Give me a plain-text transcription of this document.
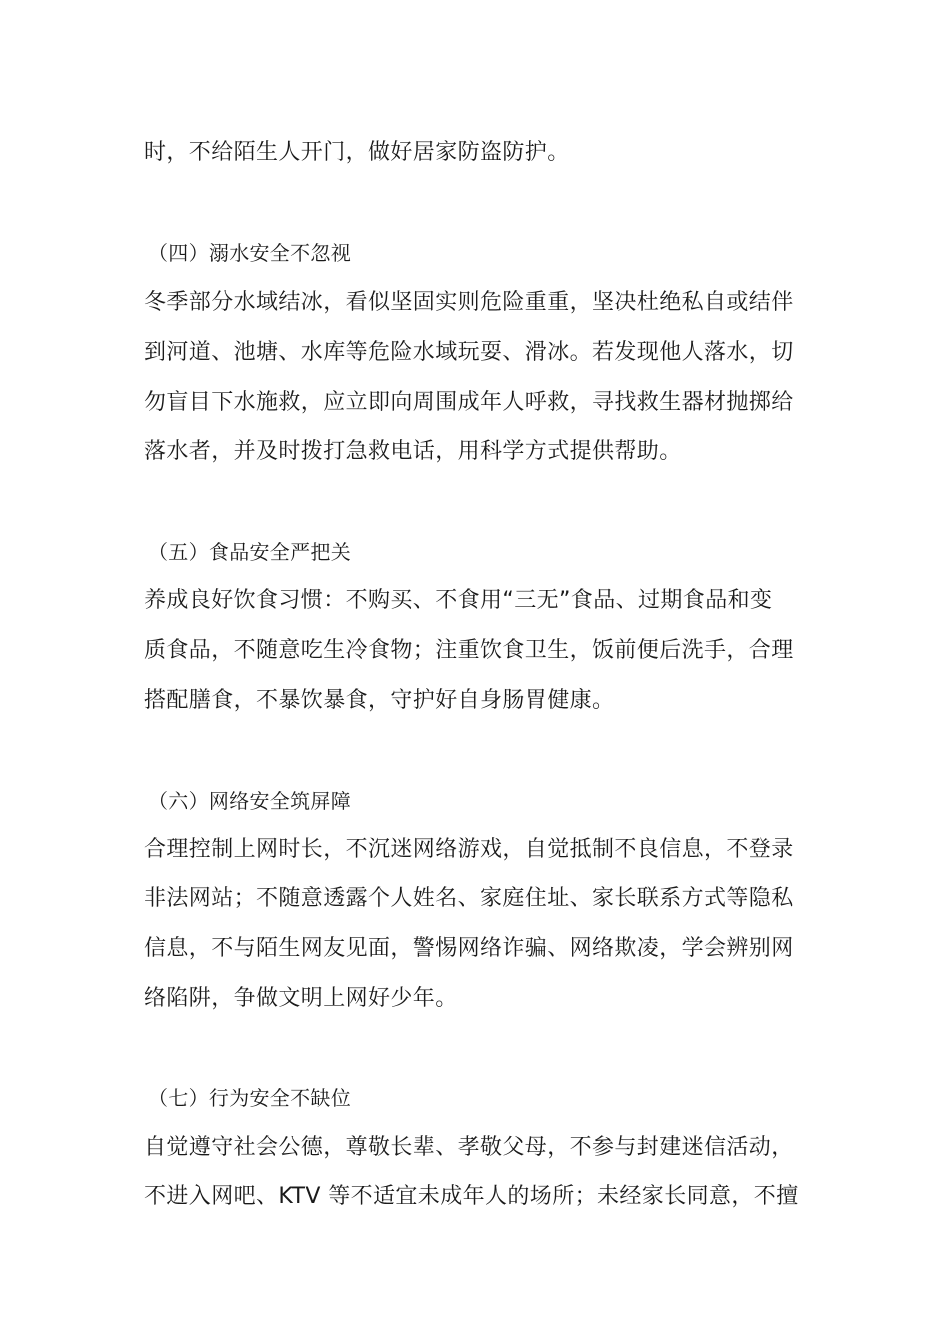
时，不给陌生人开门，做好居家防盗防护。
（四）溺水安全不忽视
冬季部分水域结冰，看似坚固实则危险重重，坚决杜绝私自或结伴
到河道、池塘、水库等危险水域玩耍、滑冰。若发现他人落水，切
勿盲目下水施救，应立即向周围成年人呼救，寻找救生器材抛掷给
落水者，并及时拨打急救电话，用科学方式提供帮助。
（五）食品安全严把关
养成良好饮食习惯：不购买、不食用“三无”食品、过期食品和变
质食品，不随意吃生冷食物；注重饮食卫生，饭前便后洗手，合理
搭配膳食，不暴饮暴食，守护好自身肠胃健康。
（六）网络安全筑屏障
合理控制上网时长，不沉迷网络游戏，自觉抵制不良信息，不登录
非法网站；不随意透露个人姓名、家庭住址、家长联系方式等隐私
信息，不与陌生网友见面，警惕网络诈骗、网络欺凌，学会辨别网
络陷阱，争做文明上网好少年。
（七）行为安全不缺位
自觉遵守社会公德，尊敬长辈、孝敬父母，不参与封建迷信活动，
不进入网吧、KTV 等不适宜未成年人的场所；未经家长同意，不擅
